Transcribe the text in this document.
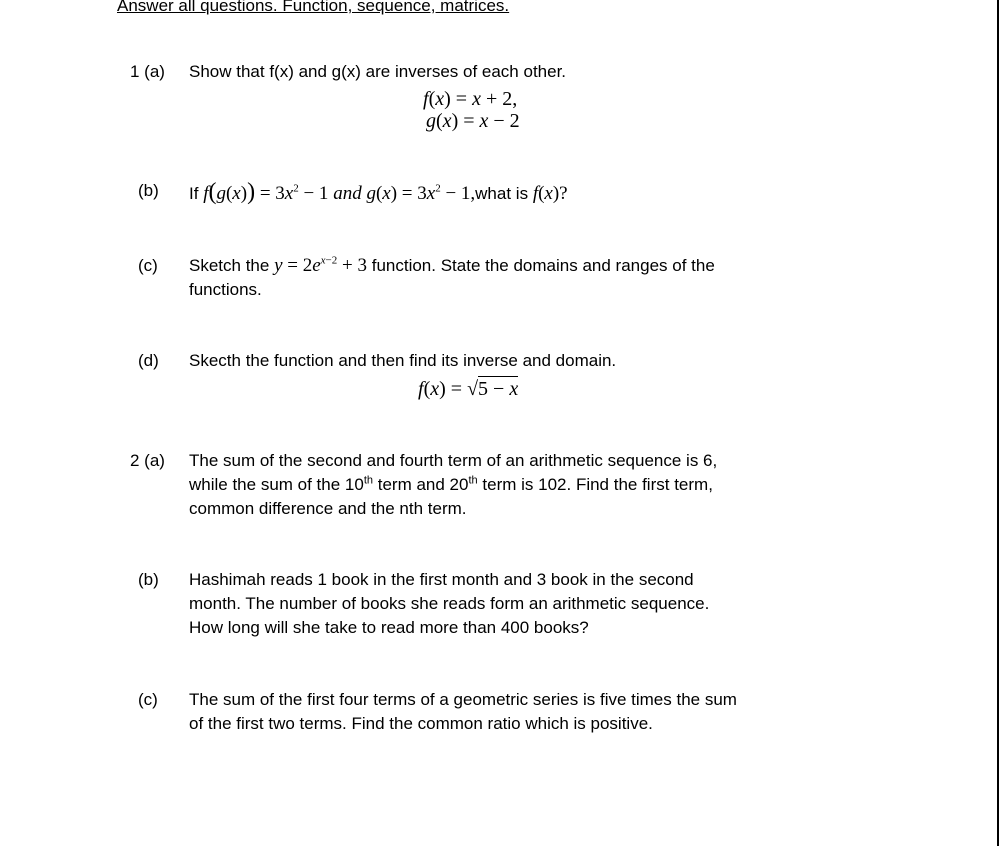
Answer all questions. Function, sequence, matrices.
1 (a) Show that f(x) and g(x) are inverses of each other.
f(x) = x + 2,
g(x) = x − 2
(b) If $f(g(x)) = 3x^2 - 1$ and $g(x) = 3x^2$ − 1,what is f(x)?
(c) Sketch the $y = 2e^{x-2} + 3$ function. State the domains and ranges of the
functions.
(d) Skecth the function and then find its inverse and domain.
f(x) = √5 − x
2 (a) The sum of the second and fourth term of an arithmetic sequence is 6,
while the sum of the 10th term and 20th term is 102. Find the first term,
common difference and the nth term.
(b) Hashimah reads 1 book in the first month and 3 book in the second
month. The number of books she reads form an arithmetic sequence.
How long will she take to read more than 400 books?
(c) The sum of the first four terms of a geometric series is five times the sum
of the first two terms. Find the common ratio which is positive.
